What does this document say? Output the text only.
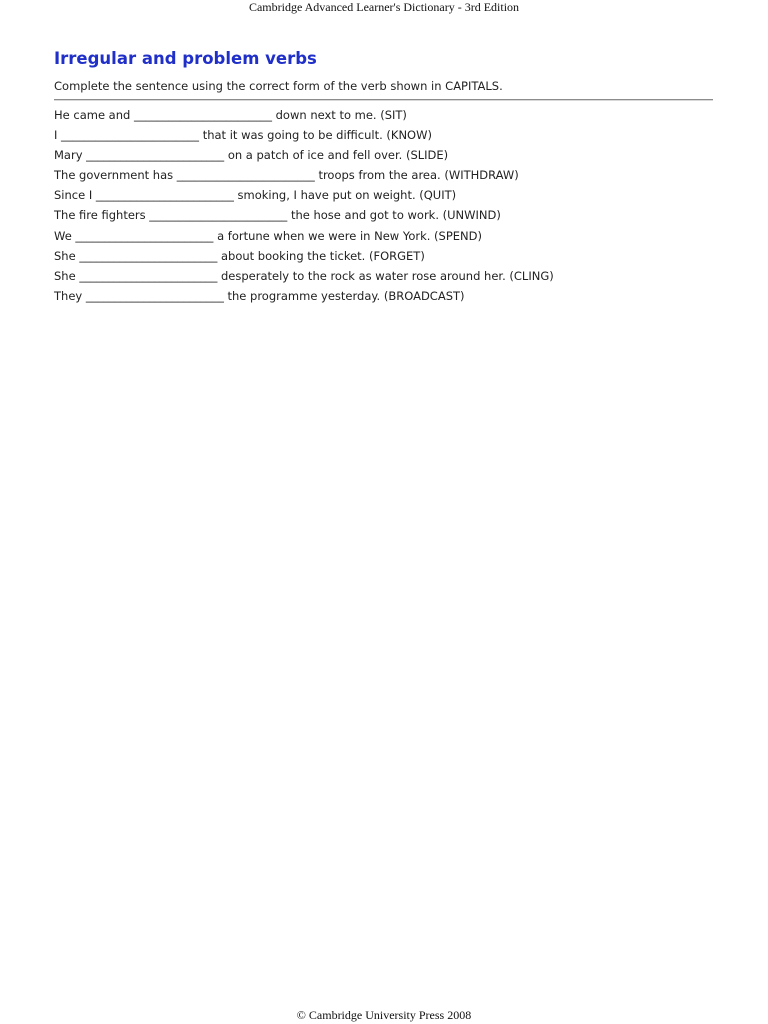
Cambridge Advanced Learner's Dictionary - 3rd Edition
Irregular and problem verbs
Complete the sentence using the correct form of the verb shown in CAPITALS.
He came and ________________________ down next to me. (SIT)
I ________________________ that it was going to be difficult. (KNOW)
Mary ________________________ on a patch of ice and fell over. (SLIDE)
The government has ________________________ troops from the area. (WITHDRAW)
Since I ________________________ smoking, I have put on weight. (QUIT)
The fire fighters ________________________ the hose and got to work. (UNWIND)
We ________________________ a fortune when we were in New York. (SPEND)
She ________________________ about booking the ticket. (FORGET)
She ________________________ desperately to the rock as water rose around her. (CLING)
They ________________________ the programme yesterday. (BROADCAST)
© Cambridge University Press 2008
